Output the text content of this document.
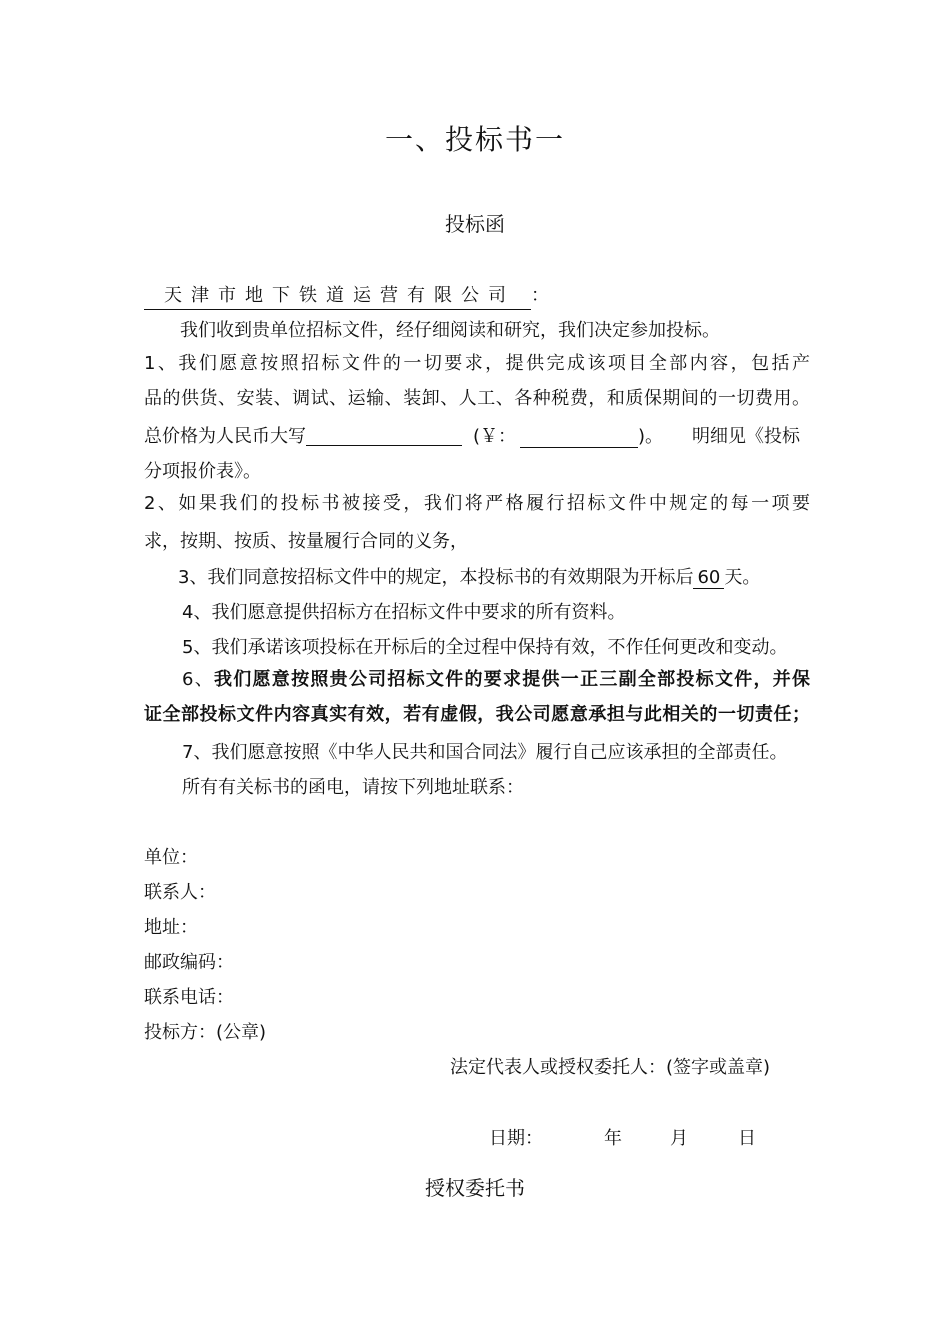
一、投标书一
投标函
天津市地下铁道运营有限公司 ：
我们收到贵单位招标文件，经仔细阅读和研究，我们决定参加投标。
1、我们愿意按照招标文件的一切要求，提供完成该项目全部内容，包括产
品的供货、安装、调试、运输、装卸、人工、各种税费，和质保期间的一切费用。
总价格为人民币大写	(￥：	)。 明细见《投标
分项报价表》。
2、如果我们的投标书被接受，我们将严格履行招标文件中规定的每一项要
求，按期、按质、按量履行合同的义务，
3、我们同意按招标文件中的规定，本投标书的有效期限为开标后 60 天。
4、我们愿意提供招标方在招标文件中要求的所有资料。
5、我们承诺该项投标在开标后的全过程中保持有效，不作任何更改和变动。
6、我们愿意按照贵公司招标文件的要求提供一正三副全部投标文件，并保
证全部投标文件内容真实有效，若有虚假，我公司愿意承担与此相关的一切责任；
7、我们愿意按照《中华人民共和国合同法》履行自己应该承担的全部责任。
所有有关标书的函电，请按下列地址联系：
单位：
联系人：
地址：
邮政编码：
联系电话：
投标方：(公章)
法定代表人或授权委托人：(签字或盖章)
日期：	年	月	日
授权委托书
